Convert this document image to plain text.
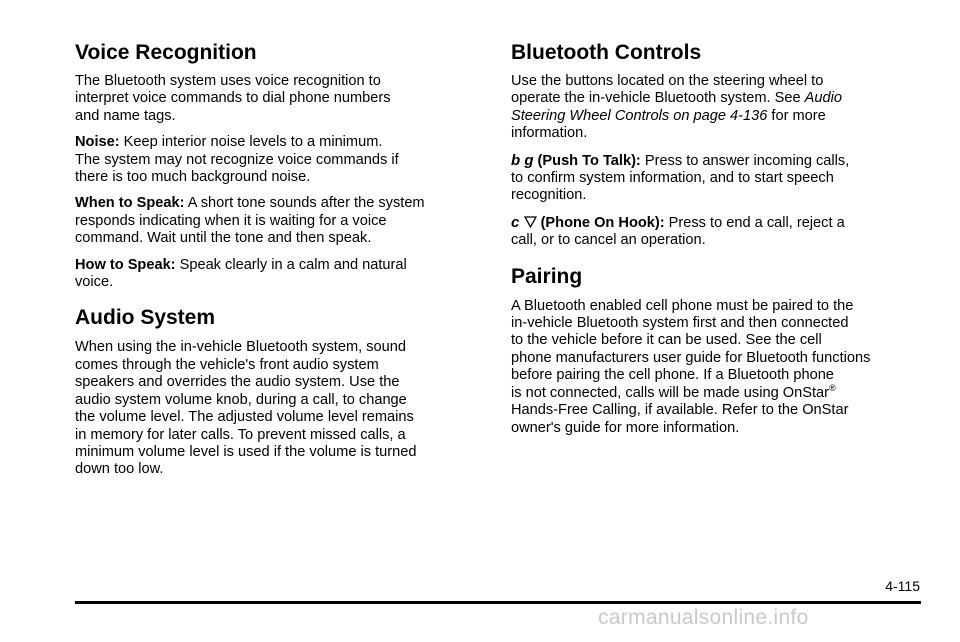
Voice Recognition

The Bluetooth system uses voice recognition to
interpret voice commands to dial phone numbers
and name tags.

Noise: Keep interior noise levels to a minimum.
The system may not recognize voice commands if
there is too much background noise.

When to Speak: A short tone sounds after the system
responds indicating when it is waiting for a voice
command. Wait until the tone and then speak.

How to Speak: Speak clearly in a calm and natural
voice.

Audio System

When using the in-vehicle Bluetooth system, sound
comes through the vehicle's front audio system
speakers and overrides the audio system. Use the
audio system volume knob, during a call, to change
the volume level. The adjusted volume level remains
in memory for later calls. To prevent missed calls, a
minimum volume level is used if the volume is turned
down too low.

Bluetooth Controls

Use the buttons located on the steering wheel to
operate the in-vehicle Bluetooth system. See Audio
Steering Wheel Controls on page 4‑136 for more
information.

b g (Push To Talk): Press to answer incoming calls,
to confirm system information, and to start speech
recognition.

c  (Phone On Hook): Press to end a call, reject a
call, or to cancel an operation.

Pairing

A Bluetooth enabled cell phone must be paired to the
in-vehicle Bluetooth system first and then connected
to the vehicle before it can be used. See the cell
phone manufacturers user guide for Bluetooth functions
before pairing the cell phone. If a Bluetooth phone
is not connected, calls will be made using OnStar®
Hands-Free Calling, if available. Refer to the OnStar
owner's guide for more information.

4-115
carmanualsonline.info
